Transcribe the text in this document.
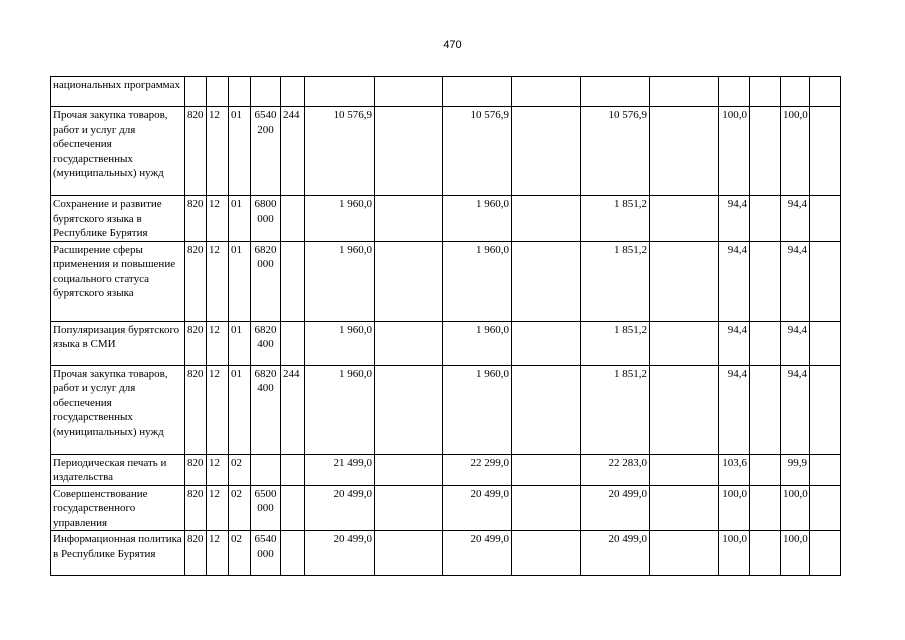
470
национальных программах															
Прочая закупка товаров, работ и услуг для обеспечения государственных (муниципальных) нужд	820	12	01	6540 200	244	10 576,9		10 576,9		10 576,9		100,0		100,0	
Сохранение и развитие бурятского языка в Республике Бурятия	820	12	01	6800 000		1 960,0		1 960,0		1 851,2		94,4		94,4	
Расширение сферы применения и повышение социального статуса бурятского языка	820	12	01	6820 000		1 960,0		1 960,0		1 851,2		94,4		94,4	
Популяризация бурятского языка в СМИ	820	12	01	6820 400		1 960,0		1 960,0		1 851,2		94,4		94,4	
Прочая закупка товаров, работ и услуг для обеспечения государственных (муниципальных) нужд	820	12	01	6820 400	244	1 960,0		1 960,0		1 851,2		94,4		94,4	
Периодическая печать и издательства	820	12	02			21 499,0		22 299,0		22 283,0		103,6		99,9	
Совершенствование государственного управления	820	12	02	6500 000		20 499,0		20 499,0		20 499,0		100,0		100,0	
Информационная политика в Республике Бурятия	820	12	02	6540 000		20 499,0		20 499,0		20 499,0		100,0		100,0	
